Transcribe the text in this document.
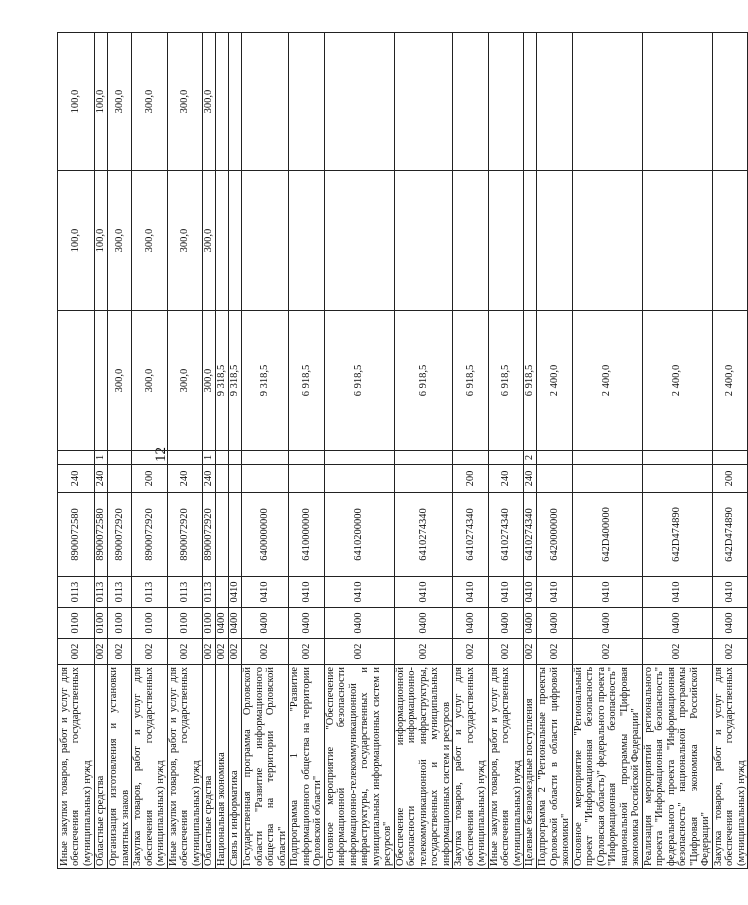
12
Иные закупки товаров, работ и услуг для обеспечения государственных (муниципальных) нужд	002	0100	0113	8900072580	240			100,0	100,0
Областные средства	002	0100	0113	8900072580	240	1		100,0	100,0
Организация изготовления и установки памятных знаков	002	0100	0113	8900072920			300,0	300,0	300,0
Закупка товаров, работ и услуг для обеспечения государственных (муниципальных) нужд	002	0100	0113	8900072920	200		300,0	300,0	300,0
Иные закупки товаров, работ и услуг для обеспечения государственных (муниципальных) нужд	002	0100	0113	8900072920	240		300,0	300,0	300,0
Областные средства	002	0100	0113	8900072920	240	1	300,0	300,0	300,0
Национальная экономика	002	0400					9 318,5		
Связь и информатика	002	0400	0410				9 318,5		
Государственная программа Орловской области "Развитие информационного общества на территории Орловской области"	002	0400	0410	6400000000			9 318,5		
Подпрограмма 1 "Развитие информационного общества на территории Орловской области"	002	0400	0410	6410000000			6 918,5		
Основное мероприятие "Обеспечение информационной безопасности информационно-телекоммуникационной инфраструктуры, государственных и муниципальных информационных систем и ресурсов"	002	0400	0410	6410200000			6 918,5		
Обеспечение информационной безопасности информационно-телекоммуникационной инфраструктуры, государственных и муниципальных информационных систем и ресурсов	002	0400	0410	6410274340			6 918,5		
Закупка товаров, работ и услуг для обеспечения государственных (муниципальных) нужд	002	0400	0410	6410274340	200		6 918,5		
Иные закупки товаров, работ и услуг для обеспечения государственных (муниципальных) нужд	002	0400	0410	6410274340	240		6 918,5		
Целевые безвозмездные поступления	002	0400	0410	6410274340	240	2	6 918,5		
Подпрограмма 2 "Региональные проекты Орловской области в области цифровой экономики"	002	0400	0410	6420000000			2 400,0		
Основное мероприятие "Региональный проект "Информационная безопасность (Орловская область)" федерального проекта "Информационная безопасность" национальной программы "Цифровая экономика Российской Федерации"	002	0400	0410	642D400000			2 400,0		
Реализация мероприятий регионального проекта "Информационная безопасность" федерального проекта "Информационная безопасность" национальной программы "Цифровая экономика Российской Федерации"	002	0400	0410	642D474890			2 400,0		
Закупка товаров, работ и услуг для обеспечения государственных (муниципальных) нужд	002	0400	0410	642D474890	200		2 400,0		
